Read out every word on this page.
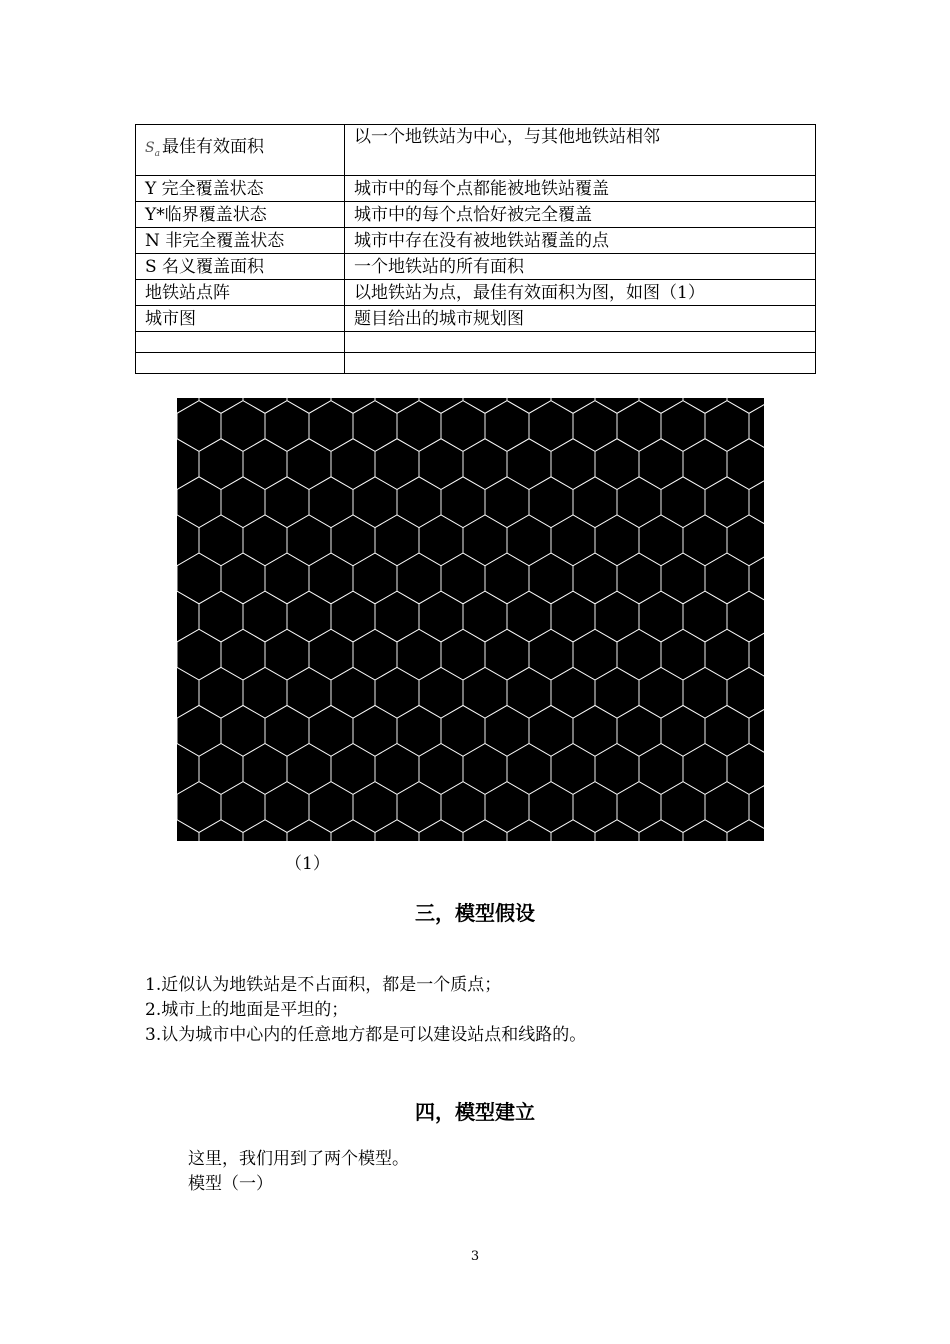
$S_a$ 最佳有效面积	以一个地铁站为中心，与其他地铁站相邻
Y 完全覆盖状态	城市中的每个点都能被地铁站覆盖
Y*临界覆盖状态	城市中的每个点恰好被完全覆盖
N 非完全覆盖状态	城市中存在没有被地铁站覆盖的点
S 名义覆盖面积	一个地铁站的所有面积
地铁站点阵	以地铁站为点，最佳有效面积为图，如图（1）
城市图	题目给出的城市规划图

（1）
三，模型假设
1.近似认为地铁站是不占面积，都是一个质点；
2.城市上的地面是平坦的；
3.认为城市中心内的任意地方都是可以建设站点和线路的。
四，模型建立
这里，我们用到了两个模型。
模型（一）
3
